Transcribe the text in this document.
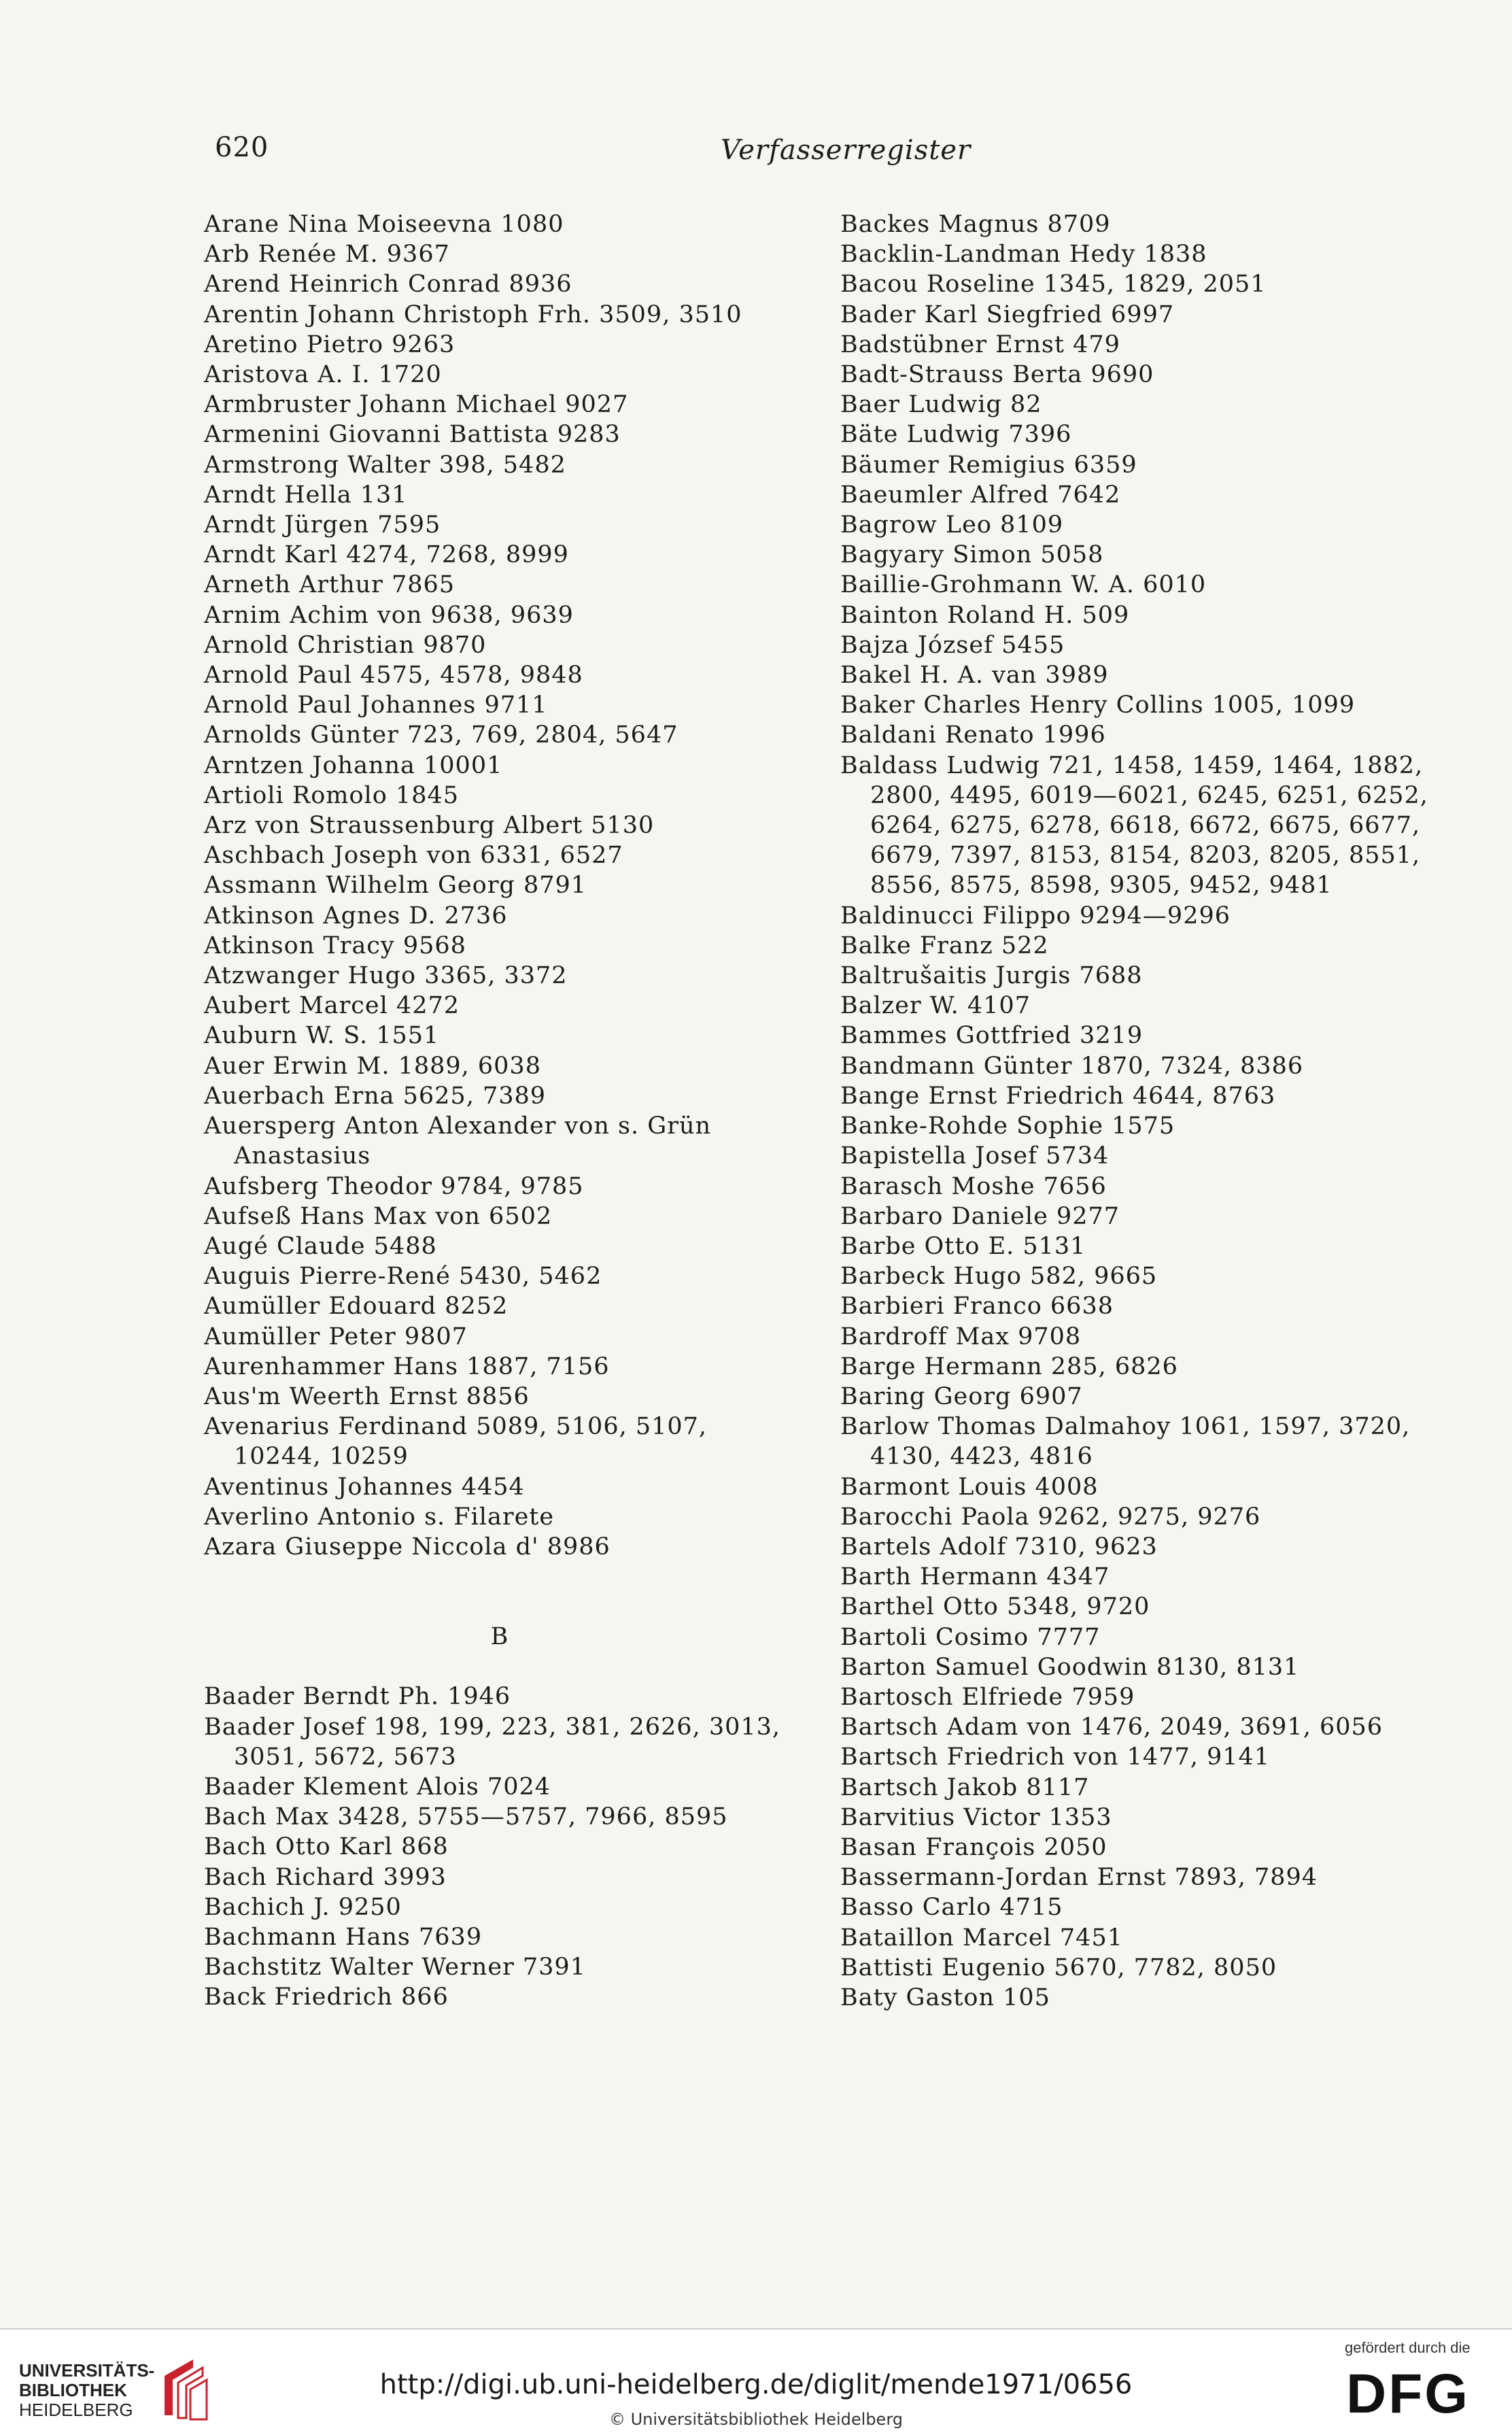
620	Verfasserregister
Arane Nina Moiseevna 1080
Arb Renée M. 9367
Arend Heinrich Conrad 8936
Arentin Johann Christoph Frh. 3509, 3510
Aretino Pietro 9263
Aristova A. I. 1720
Armbruster Johann Michael 9027
Armenini Giovanni Battista 9283
Armstrong Walter 398, 5482
Arndt Hella 131
Arndt Jürgen 7595
Arndt Karl 4274, 7268, 8999
Arneth Arthur 7865
Arnim Achim von 9638, 9639
Arnold Christian 9870
Arnold Paul 4575, 4578, 9848
Arnold Paul Johannes 9711
Arnolds Günter 723, 769, 2804, 5647
Arntzen Johanna 10001
Artioli Romolo 1845
Arz von Straussenburg Albert 5130
Aschbach Joseph von 6331, 6527
Assmann Wilhelm Georg 8791
Atkinson Agnes D. 2736
Atkinson Tracy 9568
Atzwanger Hugo 3365, 3372
Aubert Marcel 4272
Auburn W. S. 1551
Auer Erwin M. 1889, 6038
Auerbach Erna 5625, 7389
Auersperg Anton Alexander von s. Grün Anastasius
Aufsberg Theodor 9784, 9785
Aufseß Hans Max von 6502
Augé Claude 5488
Auguis Pierre-René 5430, 5462
Aumüller Edouard 8252
Aumüller Peter 9807
Aurenhammer Hans 1887, 7156
Aus'm Weerth Ernst 8856
Avenarius Ferdinand 5089, 5106, 5107, 10244, 10259
Aventinus Johannes 4454
Averlino Antonio s. Filarete
Azara Giuseppe Niccola d' 8986
B
Baader Berndt Ph. 1946
Baader Josef 198, 199, 223, 381, 2626, 3013, 3051, 5672, 5673
Baader Klement Alois 7024
Bach Max 3428, 5755—5757, 7966, 8595
Bach Otto Karl 868
Bach Richard 3993
Bachich J. 9250
Bachmann Hans 7639
Bachstitz Walter Werner 7391
Back Friedrich 866
Backes Magnus 8709
Backlin-Landman Hedy 1838
Bacou Roseline 1345, 1829, 2051
Bader Karl Siegfried 6997
Badstübner Ernst 479
Badt-Strauss Berta 9690
Baer Ludwig 82
Bäte Ludwig 7396
Bäumer Remigius 6359
Baeumler Alfred 7642
Bagrow Leo 8109
Bagyary Simon 5058
Baillie-Grohmann W. A. 6010
Bainton Roland H. 509
Bajza József 5455
Bakel H. A. van 3989
Baker Charles Henry Collins 1005, 1099
Baldani Renato 1996
Baldass Ludwig 721, 1458, 1459, 1464, 1882, 2800, 4495, 6019—6021, 6245, 6251, 6252, 6264, 6275, 6278, 6618, 6672, 6675, 6677, 6679, 7397, 8153, 8154, 8203, 8205, 8551, 8556, 8575, 8598, 9305, 9452, 9481
Baldinucci Filippo 9294—9296
Balke Franz 522
Baltrušaitis Jurgis 7688
Balzer W. 4107
Bammes Gottfried 3219
Bandmann Günter 1870, 7324, 8386
Bange Ernst Friedrich 4644, 8763
Banke-Rohde Sophie 1575
Bapistella Josef 5734
Barasch Moshe 7656
Barbaro Daniele 9277
Barbe Otto E. 5131
Barbeck Hugo 582, 9665
Barbieri Franco 6638
Bardroff Max 9708
Barge Hermann 285, 6826
Baring Georg 6907
Barlow Thomas Dalmahoy 1061, 1597, 3720, 4130, 4423, 4816
Barmont Louis 4008
Barocchi Paola 9262, 9275, 9276
Bartels Adolf 7310, 9623
Barth Hermann 4347
Barthel Otto 5348, 9720
Bartoli Cosimo 7777
Barton Samuel Goodwin 8130, 8131
Bartosch Elfriede 7959
Bartsch Adam von 1476, 2049, 3691, 6056
Bartsch Friedrich von 1477, 9141
Bartsch Jakob 8117
Barvitius Victor 1353
Basan François 2050
Bassermann-Jordan Ernst 7893, 7894
Basso Carlo 4715
Bataillon Marcel 7451
Battisti Eugenio 5670, 7782, 8050
Baty Gaston 105
UNIVERSITÄTS-
BIBLIOTHEK
HEIDELBERG
http://digi.ub.uni-heidelberg.de/diglit/mende1971/0656
© Universitätsbibliothek Heidelberg
gefördert durch die
DFG
